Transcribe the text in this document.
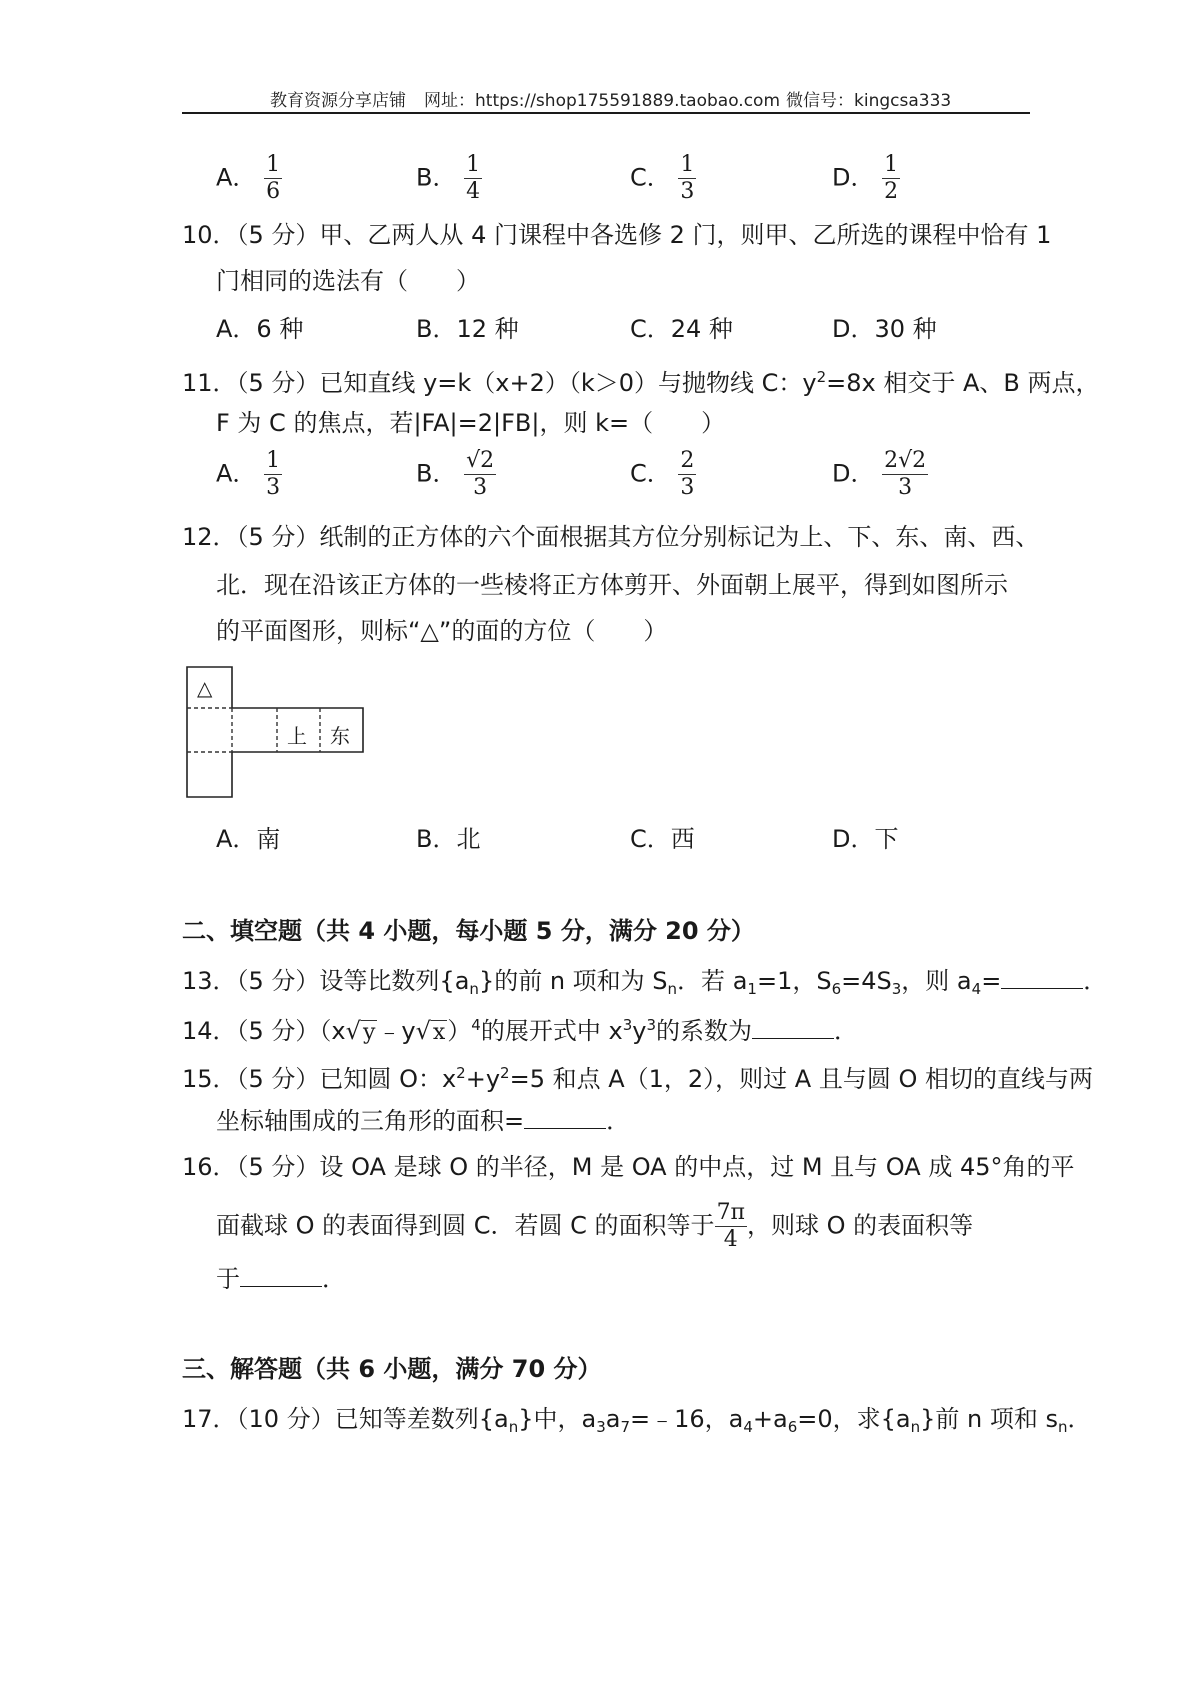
教育资源分享店铺 网址：https://shop175591889.taobao.com 微信号：kingcsa333
A． $\frac{1}{6}$	B． $\frac{1}{4}$	C． $\frac{1}{3}$	D． $\frac{1}{2}$
10．（5 分）甲、乙两人从 4 门课程中各选修 2 门，则甲、乙所选的课程中恰有 1
门相同的选法有（　　）
A．6 种	B．12 种	C．24 种	D．30 种
11．（5 分）已知直线 y=k（x+2）（k＞0）与抛物线 C：$y^2=8x$ 相交于 A、B 两点，
F 为 C 的焦点，若|FA|=2|FB|，则 k=（　　）
A． $\frac{1}{3}$	B． $\frac{√2}{3}$	C． $\frac{2}{3}$	D． $\frac{2√2}{3}$
12．（5 分）纸制的正方体的六个面根据其方位分别标记为上、下、东、南、西、
北．现在沿该正方体的一些棱将正方体剪开、外面朝上展平，得到如图所示
的平面图形，则标“△”的面的方位（　　）
△
上 东
A．南	B．北	C．西	D．下
二、填空题（共 4 小题，每小题 5 分，满分 20 分）
13．（5 分）设等比数列$\{a_n\}$的前 n 项和为 $S_n$．若 $a_1=1$，$S_6=4S_3$，则 $a_4=$	．
14．（5 分）（x√y﹣y√x）$^4$的展开式中 $x^3y^3$的系数为	．
15．（5 分）已知圆 O：$x^2+y^2=5$ 和点 A（1，2），则过 A 且与圆 O 相切的直线与两
坐标轴围成的三角形的面积=	．
16．（5 分）设 OA 是球 O 的半径，M 是 OA 的中点，过 M 且与 OA 成 45°角的平
面截球 O 的表面得到圆 C．若圆 C 的面积等于 $\frac{7\pi}{4}$ ，则球 O 的表面积等
于	．
三、解答题（共 6 小题，满分 70 分）
17．（10 分）已知等差数列$\{a_n\}$中，$a_3a_7=﹣16$，$a_4+a_6=0$，求$\{a_n\}$前 n 项和 $s_n$．
